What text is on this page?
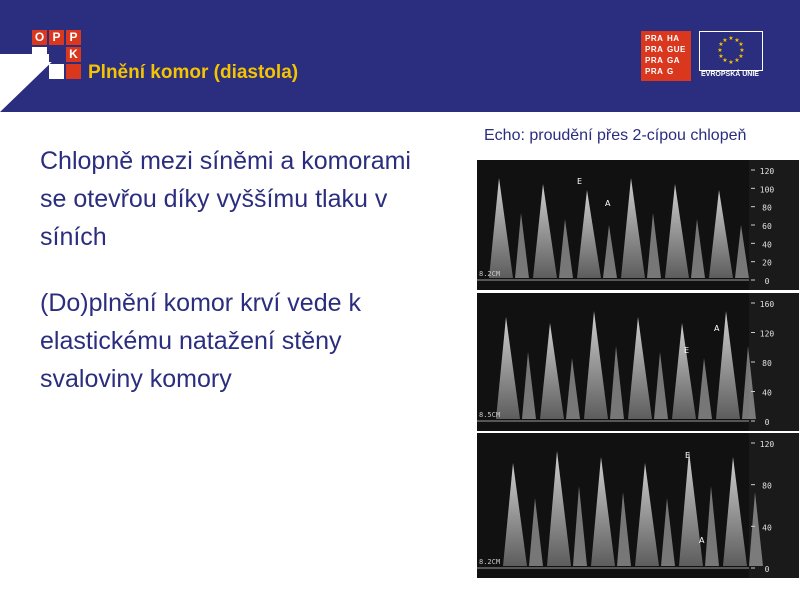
O P P
K
Plnění komor (diastola)
PRA HA
PRA GUE
PRA GA
PRA G
★ ★
★
★
★
★
★
★
★
★
★
★
EVROPSKÁ UNIE

Chlopně mezi síněmi a komorami se otevřou díky vyššímu tlaku v síních

(Do)plnění komor krví vede k elastickému natažení stěny svaloviny komory

Echo: proudění přes 2-cípou chlopeň
120
100
80
60
40
20
0
E
A
8.2CM
160
120
80
40
0
E
A
8.5CM
120
80
40
0
E
A
8.2CM
